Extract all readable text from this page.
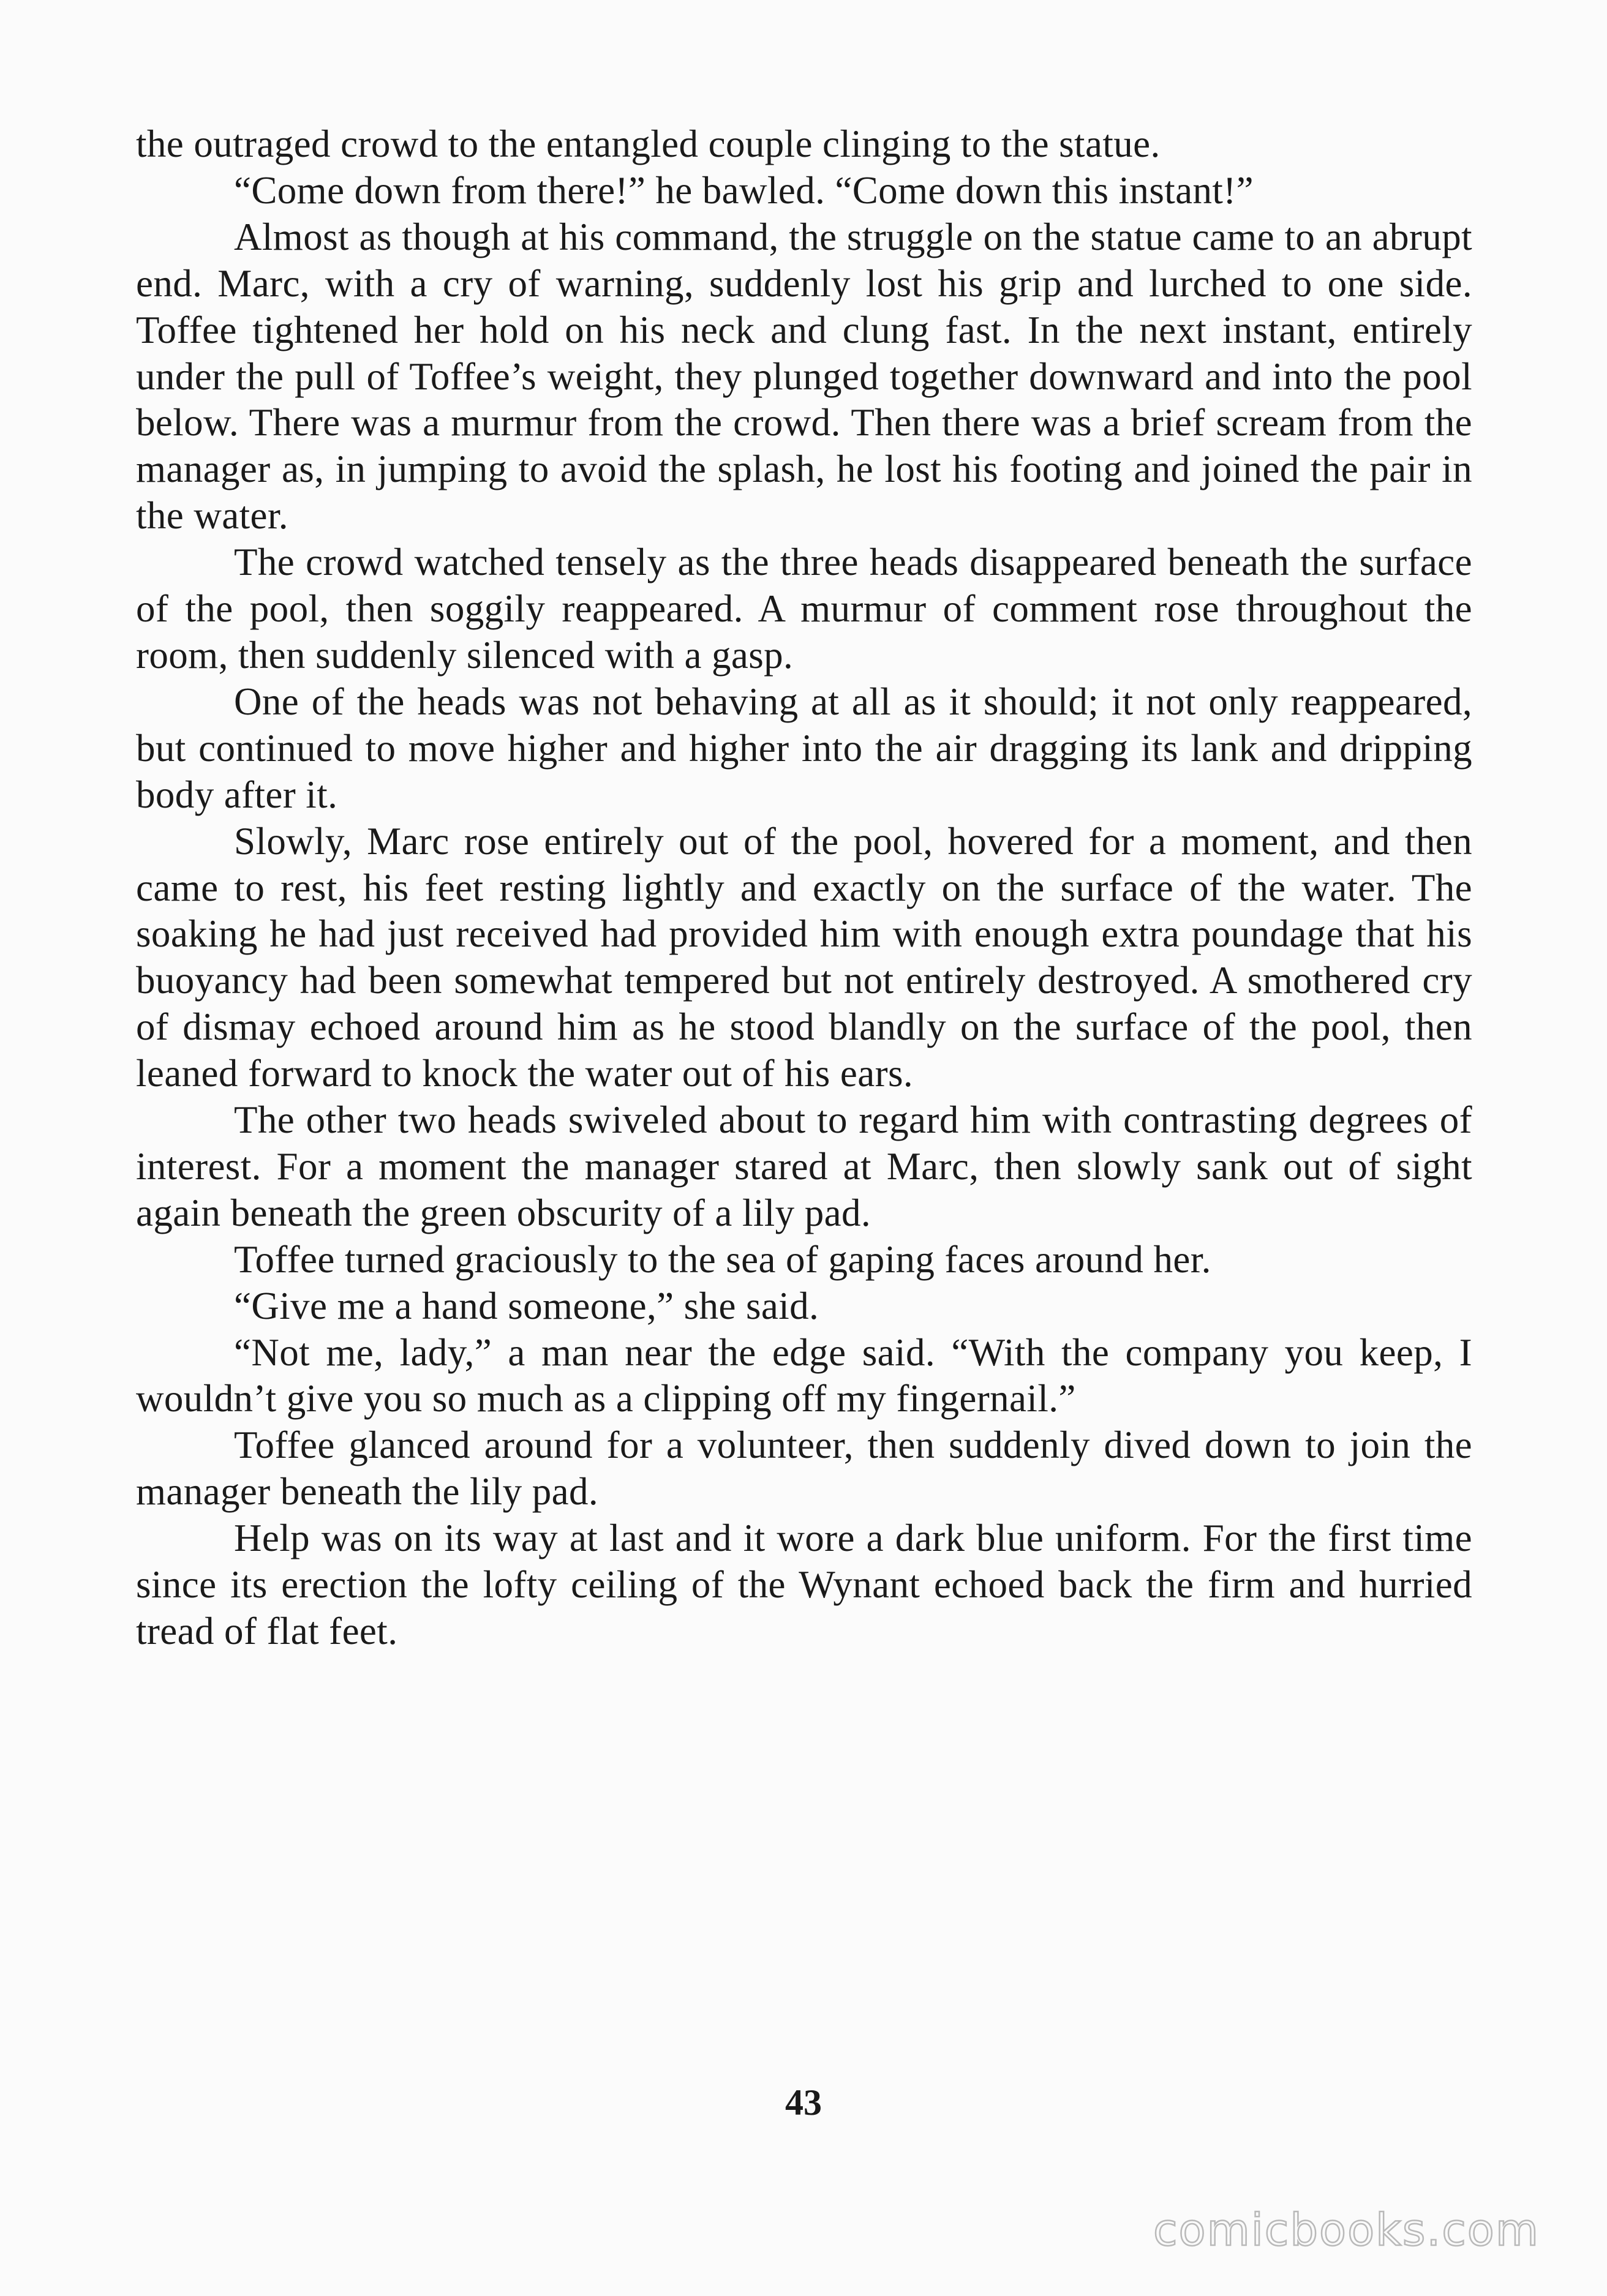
the outraged crowd to the entangled couple clinging to the statue.

“Come down from there!” he bawled. “Come down this instant!”

Almost as though at his command, the struggle on the statue came to an abrupt end. Marc, with a cry of warning, suddenly lost his grip and lurched to one side. Toffee tightened her hold on his neck and clung fast. In the next instant, entirely under the pull of Toffee’s weight, they plunged together downward and into the pool below. There was a murmur from the crowd. Then there was a brief scream from the manager as, in jumping to avoid the splash, he lost his footing and joined the pair in the water.

The crowd watched tensely as the three heads disappeared beneath the surface of the pool, then soggily reappeared. A murmur of comment rose throughout the room, then suddenly silenced with a gasp.

One of the heads was not behaving at all as it should; it not only reappeared, but continued to move higher and higher into the air dragging its lank and dripping body after it.

Slowly, Marc rose entirely out of the pool, hovered for a moment, and then came to rest, his feet resting lightly and exactly on the surface of the water. The soaking he had just received had provided him with enough extra poundage that his buoyancy had been somewhat tempered but not entirely destroyed. A smothered cry of dismay echoed around him as he stood blandly on the surface of the pool, then leaned forward to knock the water out of his ears.

The other two heads swiveled about to regard him with contrasting degrees of interest. For a moment the manager stared at Marc, then slowly sank out of sight again beneath the green obscurity of a lily pad.

Toffee turned graciously to the sea of gaping faces around her.

“Give me a hand someone,” she said.

“Not me, lady,” a man near the edge said. “With the company you keep, I wouldn’t give you so much as a clipping off my fingernail.”

Toffee glanced around for a volunteer, then suddenly dived down to join the manager beneath the lily pad.

Help was on its way at last and it wore a dark blue uniform. For the first time since its erection the lofty ceiling of the Wynant echoed back the firm and hurried tread of flat feet.

43
comicbooks.com
